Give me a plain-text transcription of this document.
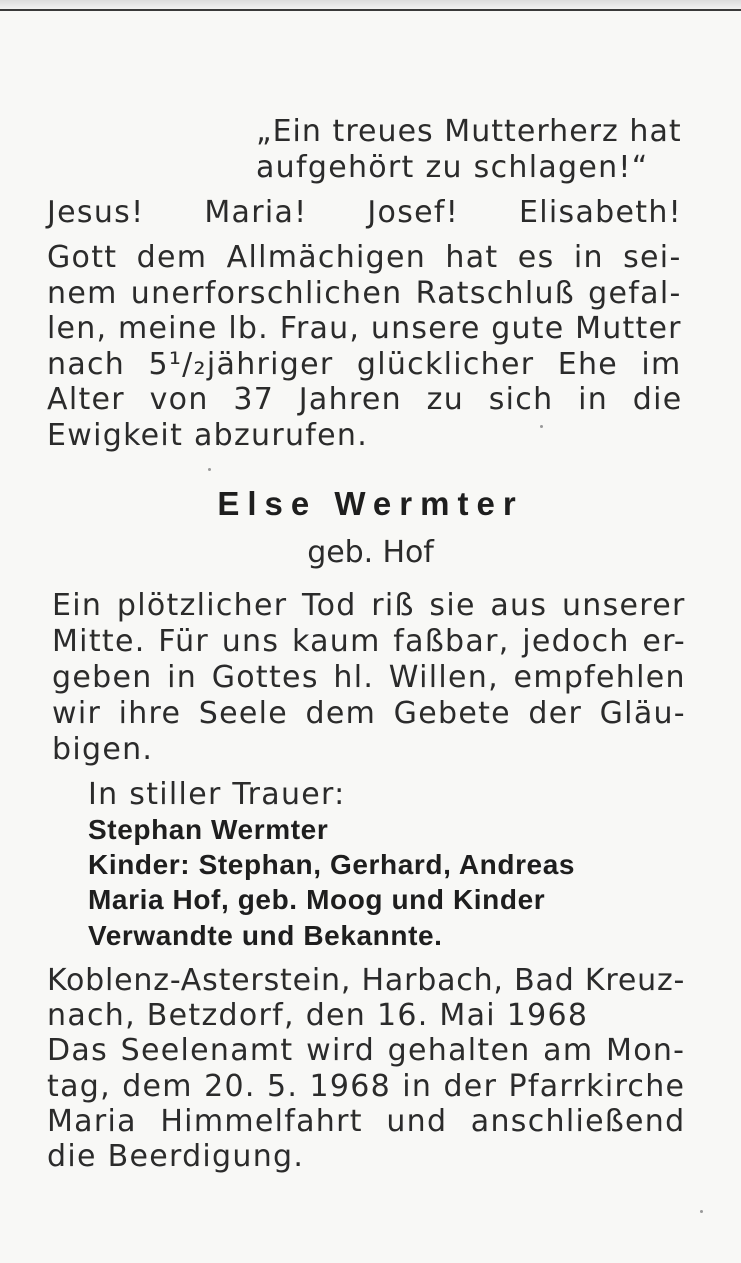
„Ein treues Mutterherz hat
aufgehört zu schlagen!“
Jesus! Maria! Josef! Elisabeth!
Gott dem Allmächigen hat es in sei-
nem unerforschlichen Ratschluß gefal-
len, meine lb. Frau, unsere gute Mutter
nach 5¹/₂jähriger glücklicher Ehe im
Alter von 37 Jahren zu sich in die
Ewigkeit abzurufen.
Else Wermter
geb. Hof
Ein plötzlicher Tod riß sie aus unserer
Mitte. Für uns kaum faßbar, jedoch er-
geben in Gottes hl. Willen, empfehlen
wir ihre Seele dem Gebete der Gläu-
bigen.
In stiller Trauer:
Stephan Wermter
Kinder: Stephan, Gerhard, Andreas
Maria Hof, geb. Moog und Kinder
Verwandte und Bekannte.
Koblenz-Asterstein, Harbach, Bad Kreuz-
nach, Betzdorf, den 16. Mai 1968
Das Seelenamt wird gehalten am Mon-
tag, dem 20. 5. 1968 in der Pfarrkirche
Maria Himmelfahrt und anschließend
die Beerdigung.
